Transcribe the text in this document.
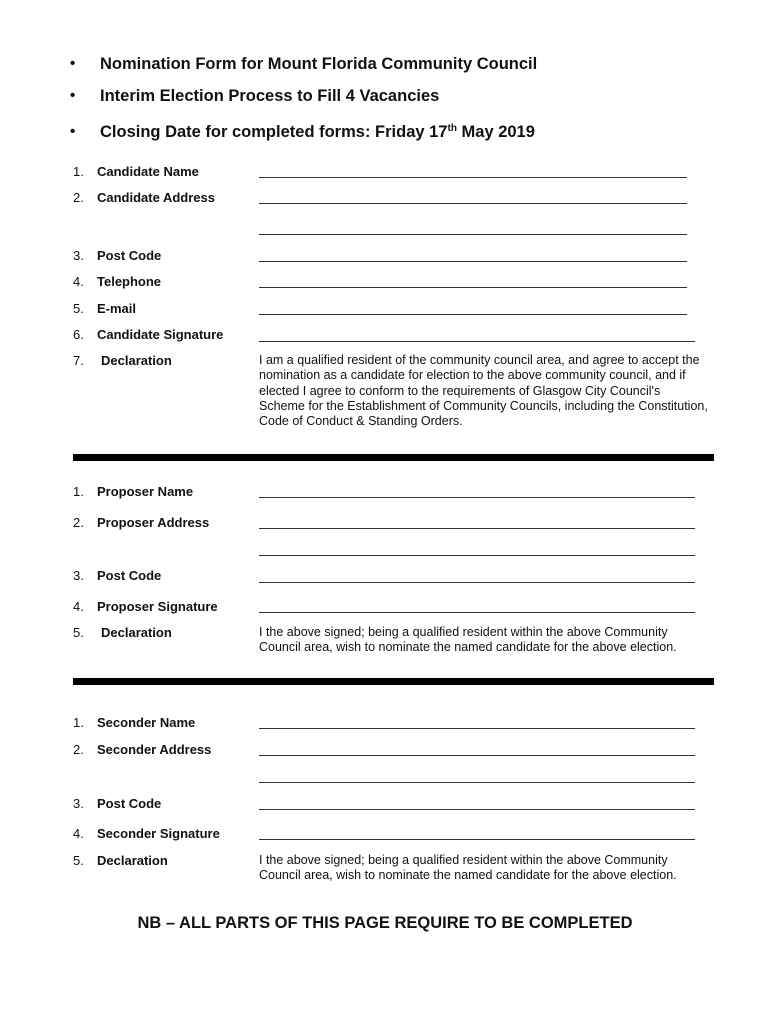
• Nomination Form for Mount Florida Community Council
• Interim Election Process to Fill 4 Vacancies
• Closing Date for completed forms: Friday 17th May 2019
1. Candidate Name
2. Candidate Address
3. Post Code
4. Telephone
5. E-mail
6. Candidate Signature
7. Declaration	I am a qualified resident of the community council area, and agree to accept the nomination as a candidate for election to the above community council, and if elected I agree to conform to the requirements of Glasgow City Council's Scheme for the Establishment of Community Councils, including the Constitution, Code of Conduct & Standing Orders.
1. Proposer Name
2. Proposer Address
3. Post Code
4. Proposer Signature
5. Declaration	I the above signed; being a qualified resident within the above Community Council area, wish to nominate the named candidate for the above election.
1. Seconder Name
2. Seconder Address
3. Post Code
4. Seconder Signature
5. Declaration	I the above signed; being a qualified resident within the above Community Council area, wish to nominate the named candidate for the above election.
NB – ALL PARTS OF THIS PAGE REQUIRE TO BE COMPLETED
